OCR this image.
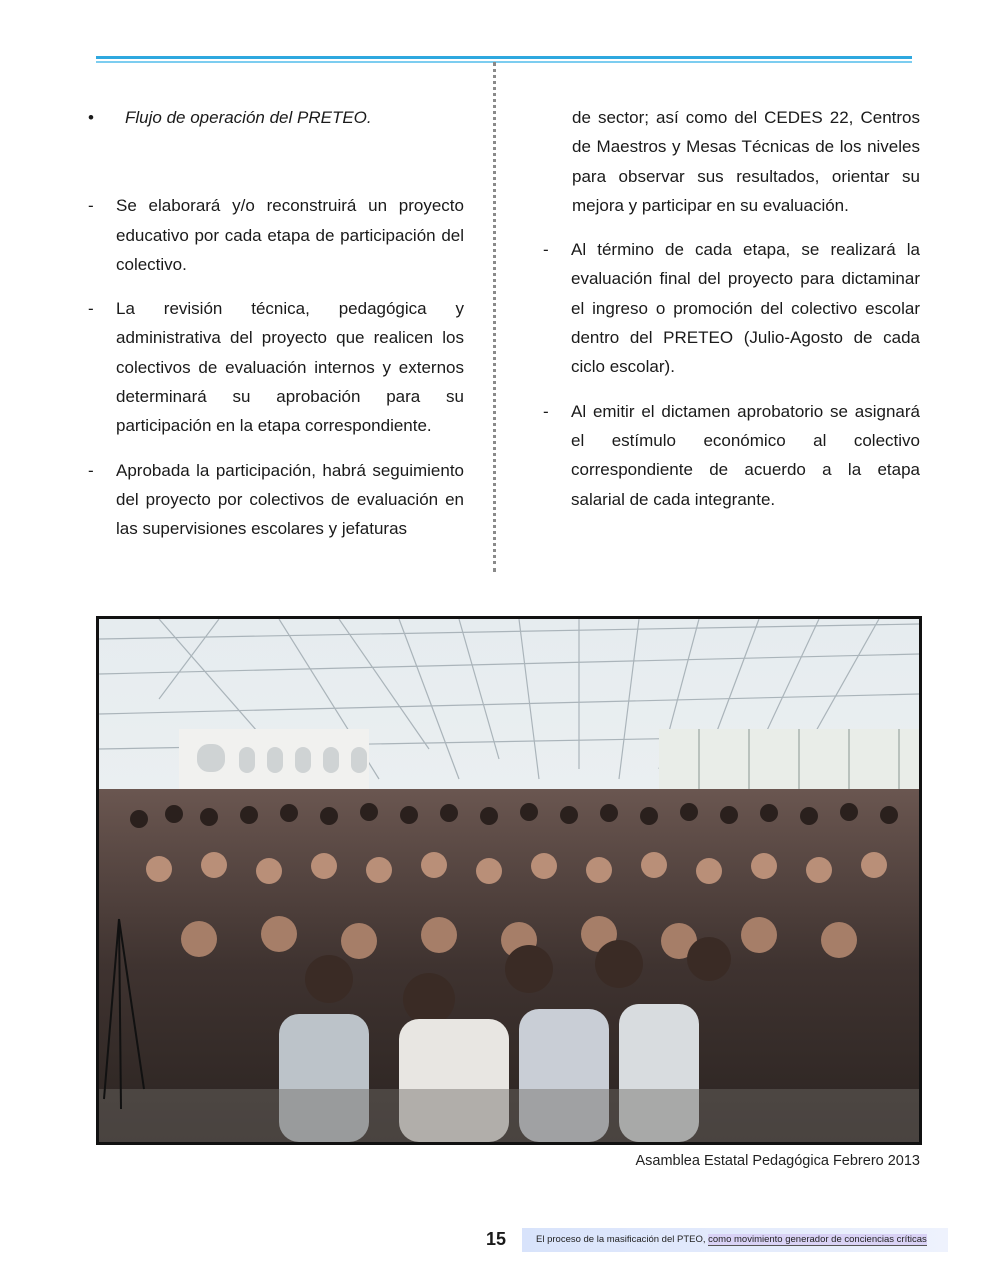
• Flujo de operación del PRETEO.

- Se elaborará y/o reconstruirá un proyecto educativo por cada etapa de participación del colectivo.

- La revisión técnica, pedagógica y administrativa del proyecto que realicen los colectivos de evaluación internos y externos determinará su aprobación para su participación en la etapa correspondiente.

- Aprobada la participación, habrá seguimiento del proyecto por colectivos de evaluación en las supervisiones escolares y jefaturas

de sector; así como del CEDES 22, Centros de Maestros y Mesas Técnicas de los niveles para observar sus resultados, orientar su mejora y participar en su evaluación.

- Al término de cada etapa, se realizará la evaluación final del proyecto para dictaminar el ingreso o promoción del colectivo escolar dentro del PRETEO (Julio-Agosto de cada ciclo escolar).

- Al emitir el dictamen aprobatorio se asignará el estímulo económico al colectivo correspondiente de acuerdo a la etapa salarial de cada integrante.

Asamblea Estatal Pedagógica Febrero 2013
15	El proceso de la masificación del PTEO, como movimiento generador de conciencias críticas
